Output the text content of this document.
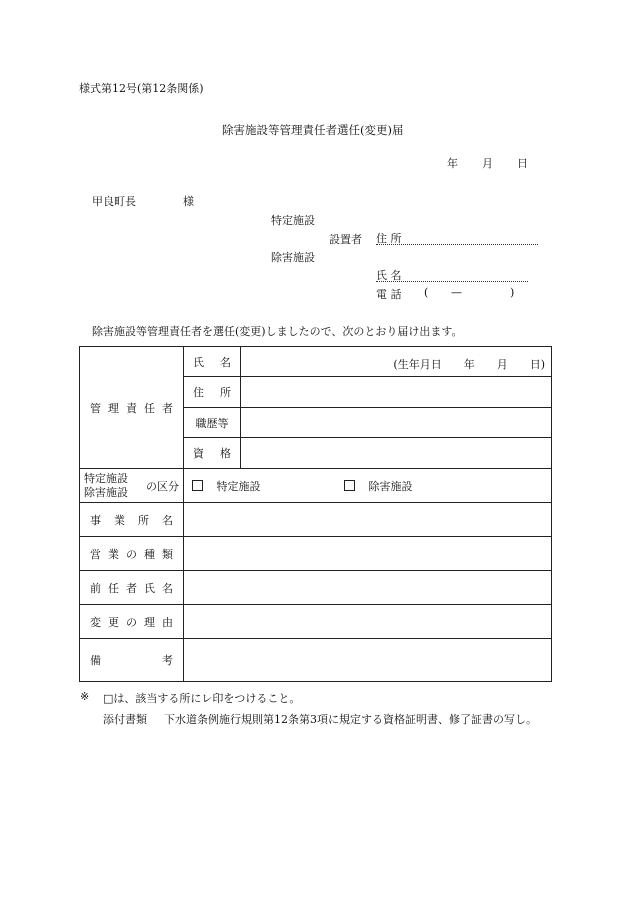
様式第12号(第12条関係)
除害施設等管理責任者選任(変更)届
年 月 日
甲良町長	様
特定施設
設置者 住 所
除害施設
氏 名
電 話 ( —	)
除害施設等管理責任者を選任(変更)しましたので、次のとおり届け出ます。
管 理 責 任 者	氏 名	(生年月日　　年　　月　　日)

	住 所	

	職歴等	

	資 格	

特定施設
除害施設 の区分	特定施設 除害施設	

事 業 所 名		

営 業 の 種 類		

前 任 者 氏 名		

変 更 の 理 由		

備 考		

※ □は、該当する所にレ印をつけること。
添付書類 下水道条例施行規則第12条第3項に規定する資格証明書、修了証書の写し。
